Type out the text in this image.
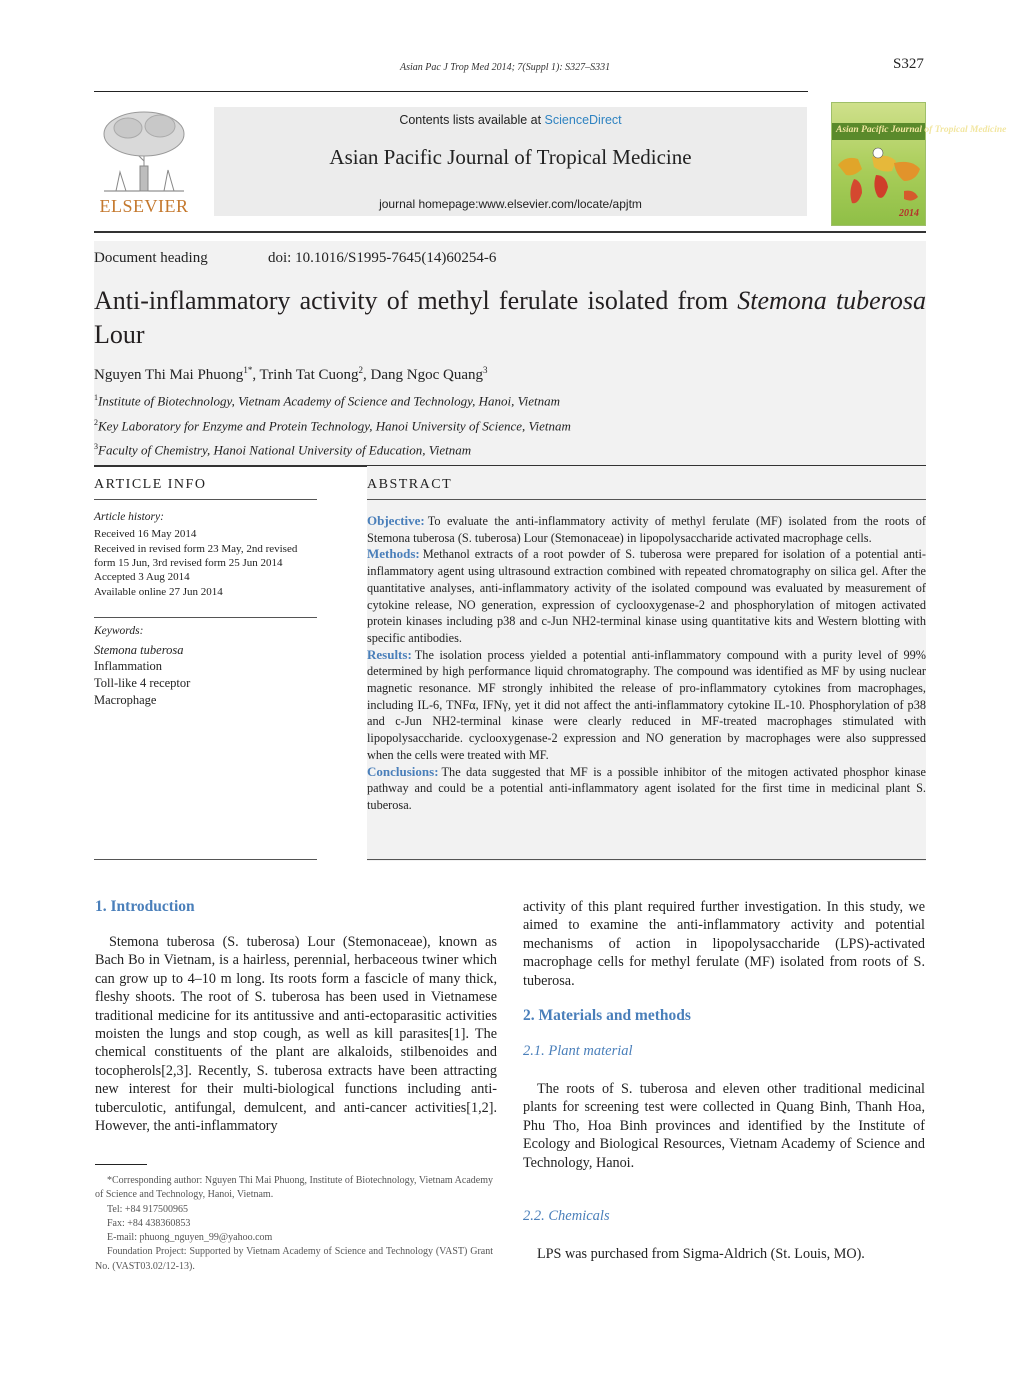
Asian Pac J Trop Med 2014; 7(Suppl 1): S327–S331	S327
ELSEVIER
Contents lists available at ScienceDirect
Asian Pacific Journal of Tropical Medicine
journal homepage:www.elsevier.com/locate/apjtm
Asian Pacific Journal of Tropical Medicine
2014
Document heading	doi: 10.1016/S1995-7645(14)60254-6
Anti-inflammatory activity of methyl ferulate isolated from Stemona tuberosa Lour
Nguyen Thi Mai Phuong$^{1*}$, Trinh Tat Cuong$^2$, Dang Ngoc Quang$^3$
$^1$Institute of Biotechnology, Vietnam Academy of Science and Technology, Hanoi, Vietnam
$^2$Key Laboratory for Enzyme and Protein Technology, Hanoi University of Science, Vietnam
$^3$Faculty of Chemistry, Hanoi National University of Education, Vietnam
ARTICLE INFO
Article history:
Received 16 May 2014
Received in revised form 23 May, 2nd revised
form 15 Jun, 3rd revised form 25 Jun 2014
Accepted 3 Aug 2014
Available online 27 Jun 2014
Keywords:
Stemona tuberosa
Inflammation
Toll-like 4 receptor
Macrophage
ABSTRACT

Objective: To evaluate the anti-inflammatory activity of methyl ferulate (MF) isolated from the roots of Stemona tuberosa (S. tuberosa) Lour (Stemonaceae) in lipopolysaccharide activated macrophage cells.

Methods: Methanol extracts of a root powder of S. tuberosa were prepared for isolation of a potential anti-inflammatory agent using ultrasound extraction combined with repeated chromatography on silica gel. After the quantitative analyses, anti-inflammatory activity of the isolated compound was evaluated by measurement of cytokine release, NO generation, expression of cyclooxygenase-2 and phosphorylation of mitogen activated protein kinases including p38 and c-Jun NH2-terminal kinase using quantitative kits and Western blotting with specific antibodies.

Results: The isolation process yielded a potential anti-inflammatory compound with a purity level of 99% determined by high performance liquid chromatography. The compound was identified as MF by using nuclear magnetic resonance. MF strongly inhibited the release of pro-inflammatory cytokines from macrophages, including IL-6, TNFα, IFNγ, yet it did not affect the anti-inflammatory cytokine IL-10. Phosphorylation of p38 and c-Jun NH2-terminal kinase were clearly reduced in MF-treated macrophages stimulated with lipopolysaccharide. cyclooxygenase-2 expression and NO generation by macrophages were also suppressed when the cells were treated with MF.

Conclusions: The data suggested that MF is a possible inhibitor of the mitogen activated phosphor kinase pathway and could be a potential anti-inflammatory agent isolated for the first time in medicinal plant S. tuberosa.

1. Introduction

Stemona tuberosa (S. tuberosa) Lour (Stemonaceae), known as Bach Bo in Vietnam, is a hairless, perennial, herbaceous twiner which can grow up to 4–10 m long. Its roots form a fascicle of many thick, fleshy shoots. The root of S. tuberosa has been used in Vietnamese traditional medicine for its antitussive and anti-ectoparasitic activities moisten the lungs and stop cough, as well as kill parasites[1]. The chemical constituents of the plant are alkaloids, stilbenoides and tocopherols[2,3]. Recently, S. tuberosa extracts have been attracting new interest for their multi-biological functions including anti-tuberculotic, antifungal, demulcent, and anti-cancer activities[1,2]. However, the anti-inflammatory

*Corresponding author: Nguyen Thi Mai Phuong, Institute of Biotechnology, Vietnam Academy of Science and Technology, Hanoi, Vietnam.

Tel: +84 917500965

Fax: +84 438360853

E-mail: phuong_nguyen_99@yahoo.com

Foundation Project: Supported by Vietnam Academy of Science and Technology (VAST) Grant No. (VAST03.02/12-13).

activity of this plant required further investigation. In this study, we aimed to examine the anti-inflammatory activity and potential mechanisms of action in lipopolysaccharide (LPS)-activated macrophage cells for methyl ferulate (MF) isolated from roots of S. tuberosa.

2. Materials and methods
2.1. Plant material

The roots of S. tuberosa and eleven other traditional medicinal plants for screening test were collected in Quang Binh, Thanh Hoa, Phu Tho, Hoa Binh provinces and identified by the Institute of Ecology and Biological Resources, Vietnam Academy of Science and Technology, Hanoi.

2.2. Chemicals

LPS was purchased from Sigma-Aldrich (St. Louis, MO).
